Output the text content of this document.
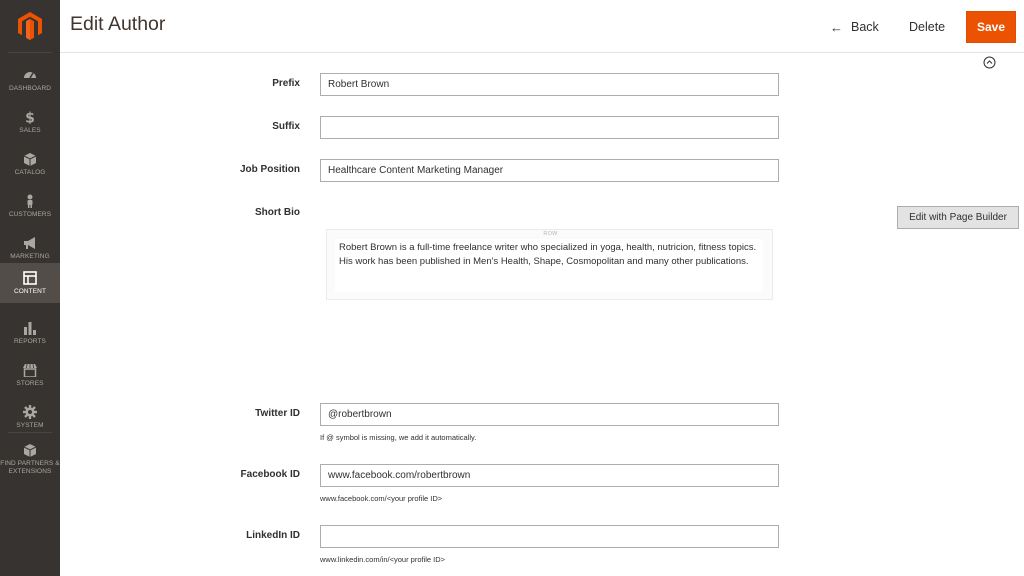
DASHBOARD
$
SALES
CATALOG
CUSTOMERS
MARKETING
CONTENT
REPORTS
STORES
SYSTEM
FIND PARTNERS & EXTENSIONS
Edit Author	← Back Delete	Save
Prefix	Robert Brown
Suffix
Job Position	Healthcare Content Marketing Manager
Short Bio
ROW
Robert Brown is a full-time freelance writer who specialized in yoga, health, nutricion, fitness topics. His work has been published in Men's Health, Shape, Cosmopolitan and many other publications.
Edit with Page Builder
Twitter ID	@robertbrown
If @ symbol is missing, we add it automatically.
Facebook ID	www.facebook.com/robertbrown
www.facebook.com/<your profile ID>
LinkedIn ID
www.linkedin.com/in/<your profile ID>
